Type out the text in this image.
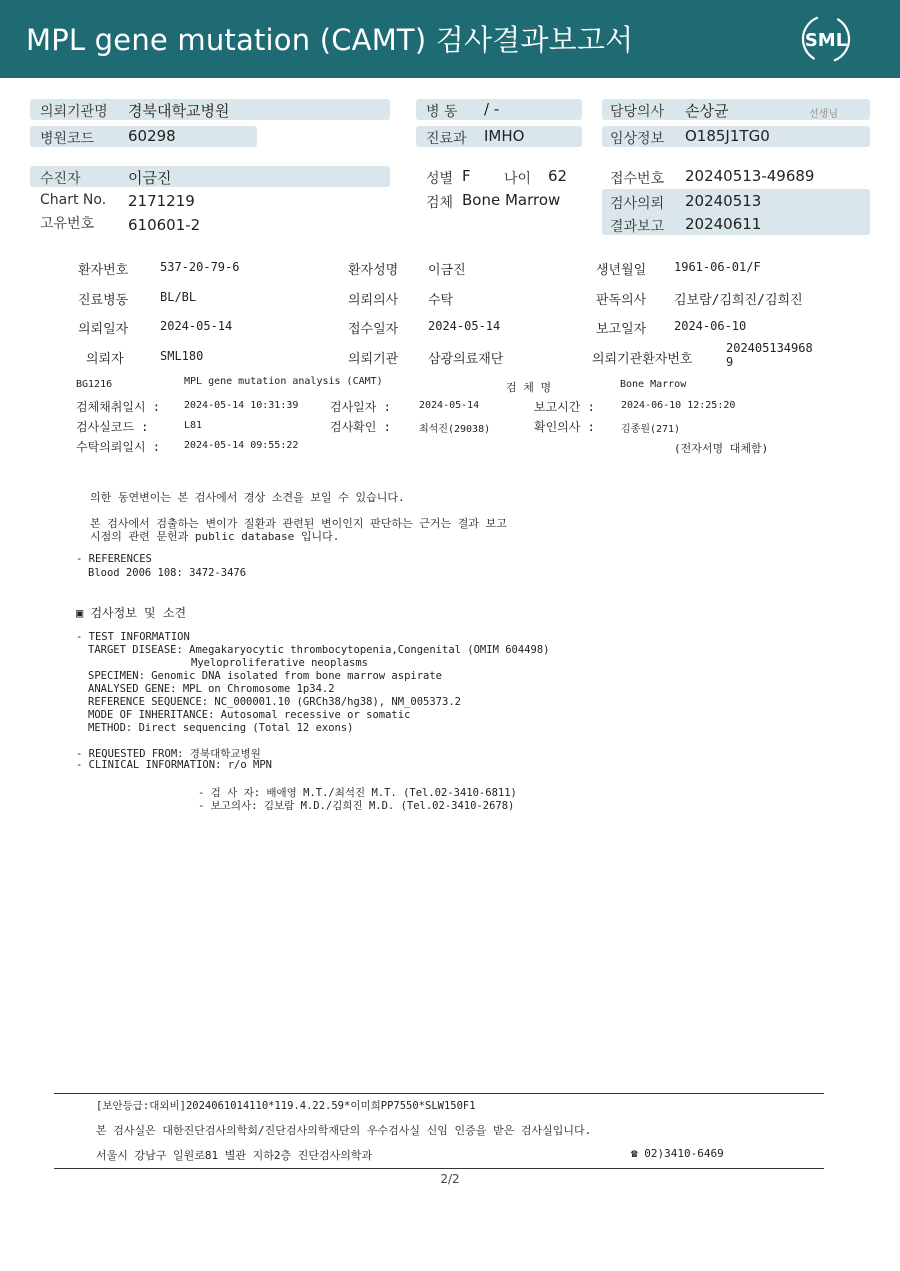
MPL gene mutation (CAMT) 검사결과보고서	SML
의뢰기관명 경북대학교병원
병원코드 60298
병 동 / -
진료과 IMHO
담당의사 손상균	선생님
임상정보 O185J1TG0
수진자	이금진
Chart No. 2171219
고유번호 610601-2
성별 F 나이 62
검체 Bone Marrow
접수번호 20240513-49689
검사의뢰 20240513
결과보고 20240611
환자번호	537-20-79-6	환자성명 이금진	생년월일 1961-06-01/F
진료병동	BL/BL	의뢰의사 수탁	판독의사 김보람/김희진/김희진
의뢰일자	2024-05-14	접수일자 2024-05-14	보고일자 2024-06-10
의뢰자	SML180	의뢰기관 삼광의료재단	의뢰기관환자번호
202405134968
9
BG1216	MPL gene mutation analysis (CAMT)	검 체 명	Bone Marrow
검체채취일시 : 2024-05-14 10:31:39	검사일자 :	2024-05-14	보고시간 :	2024-06-10 12:25:20
검사실코드 :	L81	검사확인 :	최석진(29038)	확인의사 :	김종원(271)
수탁의뢰일시 : 2024-05-14 09:55:22	(전자서명 대체함)
의한 동연변이는 본 검사에서 경상 소견을 보일 수 있습니다.
본 검사에서 검출하는 변이가 질환과 관련된 변이인지 판단하는 근거는 결과 보고
시점의 관련 문헌과 public database 입니다.
- REFERENCES
Blood 2006 108: 3472-3476
▣ 검사정보 및 소견
- TEST INFORMATION
TARGET DISEASE: Amegakaryocytic thrombocytopenia,Congenital (OMIM 604498)
Myeloproliferative neoplasms
SPECIMEN: Genomic DNA isolated from bone marrow aspirate
ANALYSED GENE: MPL on Chromosome 1p34.2
REFERENCE SEQUENCE: NC_000001.10 (GRCh38/hg38), NM_005373.2
MODE OF INHERITANCE: Autosomal recessive or somatic
METHOD: Direct sequencing (Total 12 exons)
- REQUESTED FROM: 경북대학교병원
- CLINICAL INFORMATION: r/o MPN
- 검 사 자: 배애영 M.T./최석진 M.T. (Tel.02-3410-6811)
- 보고의사: 김보람 M.D./김희진 M.D. (Tel.02-3410-2678)
[보안등급:대외비]2024061014110*119.4.22.59*이미희PP7550*SLW150F1
본 검사실은 대한진단검사의학회/진단검사의학재단의 우수검사실 신임 인증을 받은 검사실입니다.
서울시 강남구 일원로81 별관 지하2층 진단검사의학과	☎ 02)3410-6469
2/2
